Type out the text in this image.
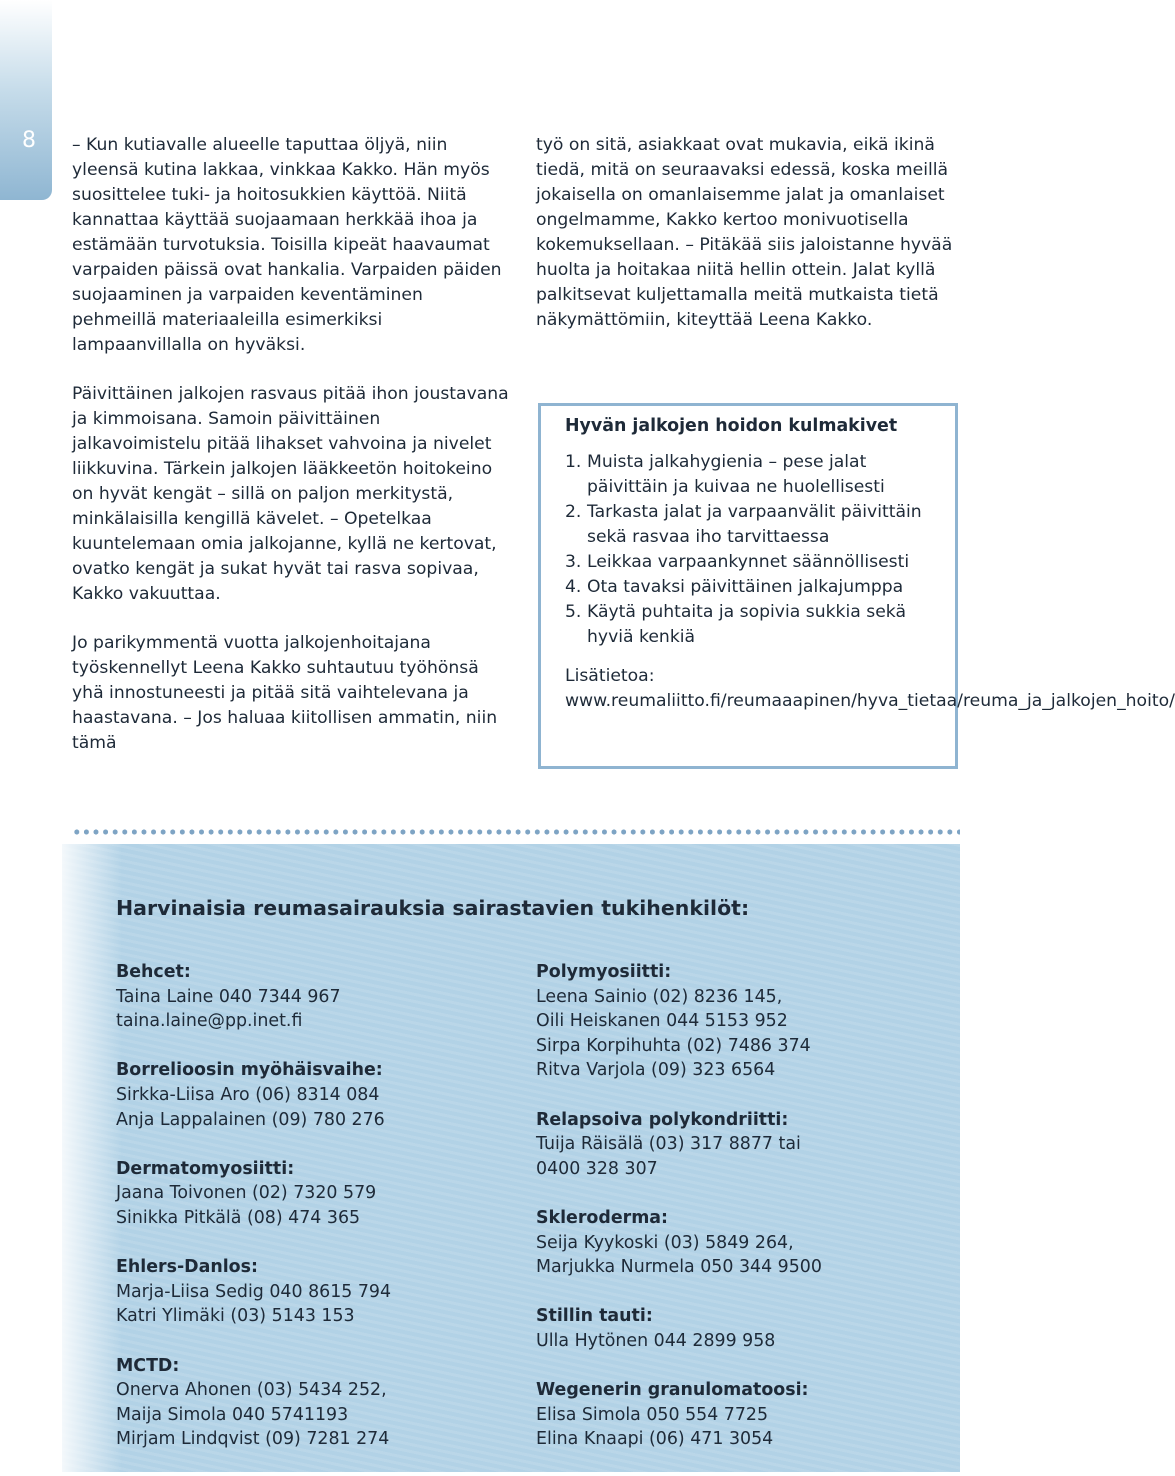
8 – Kun kutiavalle alueelle taputtaa öljyä, niin yleensä kutina lakkaa, vinkkaa Kakko. Hän myös suosittelee tuki- ja hoitosukkien käyttöä. Niitä kannattaa käyttää suojaamaan herkkää ihoa ja estämään turvotuksia. Toisilla kipeät haavaumat varpaiden päissä ovat hankalia. Varpaiden päiden suojaaminen ja varpaiden keventäminen pehmeillä materiaaleilla esimerkiksi lampaanvillalla on hyväksi.

Päivittäinen jalkojen rasvaus pitää ihon joustavana ja kimmoisana. Samoin päivittäinen jalkavoimistelu pitää lihakset vahvoina ja nivelet liikkuvina. Tärkein jalkojen lääkkeetön hoitokeino on hyvät kengät – sillä on paljon merkitystä, minkälaisilla kengillä kävelet. – Opetelkaa kuuntelemaan omia jalkojanne, kyllä ne kertovat, ovatko kengät ja sukat hyvät tai rasva sopivaa, Kakko vakuuttaa.

Jo parikymmentä vuotta jalkojenhoitajana työskennellyt Leena Kakko suhtautuu työhönsä yhä innostuneesti ja pitää sitä vaihtelevana ja haastavana. – Jos haluaa kiitollisen ammatin, niin tämä

työ on sitä, asiakkaat ovat mukavia, eikä ikinä tiedä, mitä on seuraavaksi edessä, koska meillä jokaisella on omanlaisemme jalat ja omanlaiset ongelmamme, Kakko kertoo monivuotisella kokemuksellaan. – Pitäkää siis jaloistanne hyvää huolta ja hoitakaa niitä hellin ottein. Jalat kyllä palkitsevat kuljettamalla meitä mutkaista tietä näkymättömiin, kiteyttää Leena Kakko.

Hyvän jalkojen hoidon kulmakivet
1. Muista jalkahygienia – pese jalat päivittäin ja kuivaa ne huolellisesti
2. Tarkasta jalat ja varpaanvälit päivittäin sekä rasvaa iho tarvittaessa
3. Leikkaa varpaankynnet säännöllisesti
4. Ota tavaksi päivittäinen jalkajumppa
5. Käytä puhtaita ja sopivia sukkia sekä hyviä kenkiä
Lisätietoa: www.reumaliitto.fi/reumaaapinen/hyva_tietaa/reuma_ja_jalkojen_hoito/
Harvinaisia reumasairauksia sairastavien tukihenkilöt:
Behcet:
Taina Laine 040 7344 967
taina.laine@pp.inet.fi
Borrelioosin myöhäisvaihe:
Sirkka-Liisa Aro (06) 8314 084
Anja Lappalainen (09) 780 276
Dermatomyosiitti:
Jaana Toivonen (02) 7320 579
Sinikka Pitkälä (08) 474 365
Ehlers-Danlos:
Marja-Liisa Sedig 040 8615 794
Katri Ylimäki (03) 5143 153
MCTD:
Onerva Ahonen (03) 5434 252,
Maija Simola 040 5741193
Mirjam Lindqvist (09) 7281 274
Polymyosiitti:
Leena Sainio (02) 8236 145,
Oili Heiskanen 044 5153 952
Sirpa Korpihuhta (02) 7486 374
Ritva Varjola (09) 323 6564
Relapsoiva polykondriitti:
Tuija Räisälä (03) 317 8877 tai
0400 328 307
Skleroderma:
Seija Kyykoski (03) 5849 264,
Marjukka Nurmela 050 344 9500
Stillin tauti:
Ulla Hytönen 044 2899 958
Wegenerin granulomatoosi:
Elisa Simola 050 554 7725
Elina Knaapi (06) 471 3054
